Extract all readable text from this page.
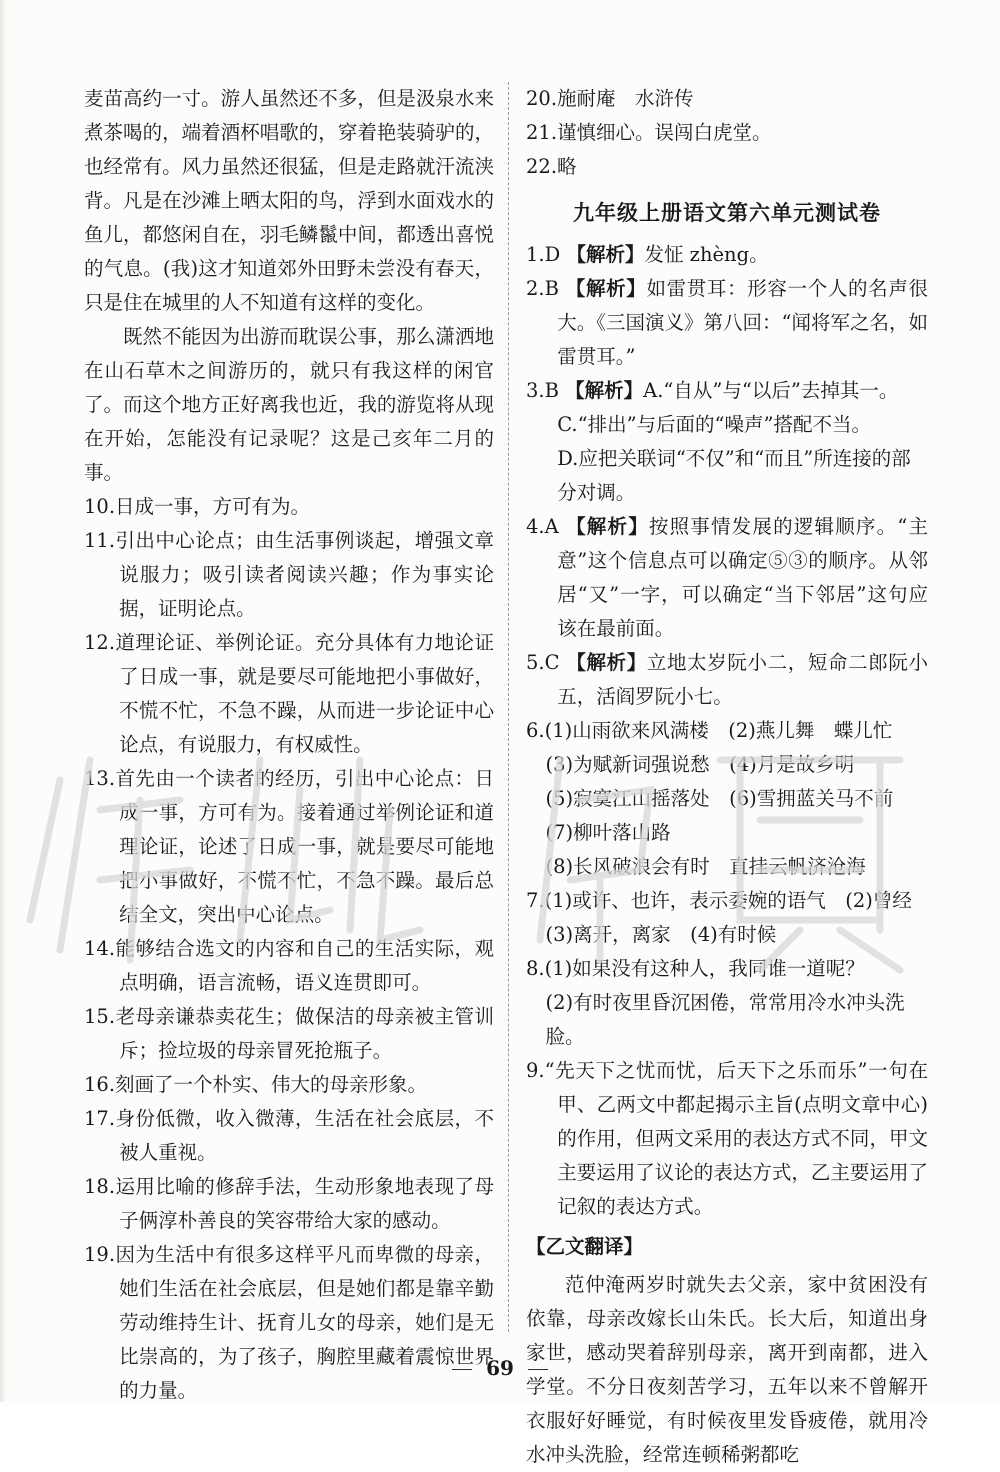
麦苗高约一寸。游人虽然还不多，但是汲泉水来煮茶喝的，端着酒杯唱歌的，穿着艳装骑驴的，也经常有。风力虽然还很猛，但是走路就汗流浃背。凡是在沙滩上晒太阳的鸟，浮到水面戏水的鱼儿，都悠闲自在，羽毛鳞鬣中间，都透出喜悦的气息。(我)这才知道郊外田野未尝没有春天，只是住在城里的人不知道有这样的变化。

既然不能因为出游而耽误公事，那么潇洒地在山石草木之间游历的，就只有我这样的闲官了。而这个地方正好离我也近，我的游览将从现在开始，怎能没有记录呢？这是己亥年二月的事。

10.日成一事，方可有为。

11.引出中心论点；由生活事例谈起，增强文章说服力；吸引读者阅读兴趣；作为事实论据，证明论点。

12.道理论证、举例论证。充分具体有力地论证了日成一事，就是要尽可能地把小事做好，不慌不忙，不急不躁，从而进一步论证中心论点，有说服力，有权威性。

13.首先由一个读者的经历，引出中心论点：日成一事，方可有为。接着通过举例论证和道理论证，论述了日成一事，就是要尽可能地把小事做好，不慌不忙，不急不躁。最后总结全文，突出中心论点。

14.能够结合选文的内容和自己的生活实际，观点明确，语言流畅，语义连贯即可。

15.老母亲谦恭卖花生；做保洁的母亲被主管训斥；捡垃圾的母亲冒死抢瓶子。

16.刻画了一个朴实、伟大的母亲形象。

17.身份低微，收入微薄，生活在社会底层，不被人重视。

18.运用比喻的修辞手法，生动形象地表现了母子俩淳朴善良的笑容带给大家的感动。

19.因为生活中有很多这样平凡而卑微的母亲，她们生活在社会底层，但是她们都是靠辛勤劳动维持生计、抚育儿女的母亲，她们是无比崇高的，为了孩子，胸腔里藏着震惊世界的力量。

20.施耐庵　水浒传

21.谨慎细心。误闯白虎堂。

22.略

九年级上册语文第六单元测试卷

1.D 【解析】发怔 zhèng。

2.B 【解析】如雷贯耳：形容一个人的名声很大。《三国演义》第八回：“闻将军之名，如雷贯耳。”

3.B 【解析】A.“自从”与“以后”去掉其一。

C.“排出”与后面的“噪声”搭配不当。

D.应把关联词“不仅”和“而且”所连接的部分对调。

4.A 【解析】按照事情发展的逻辑顺序。“主意”这个信息点可以确定⑤③的顺序。从邻居“又”一字，可以确定“当下邻居”这句应该在最前面。

5.C 【解析】立地太岁阮小二，短命二郎阮小五，活阎罗阮小七。

6.(1)山雨欲来风满楼　(2)燕儿舞　蝶儿忙

(3)为赋新词强说愁　(4)月是故乡明

(5)寂寞江山摇落处　(6)雪拥蓝关马不前

(7)柳叶落山路

(8)长风破浪会有时　直挂云帆济沧海

7.(1)或许、也许，表示委婉的语气　(2)曾经

(3)离开，离家　(4)有时候

8.(1)如果没有这种人，我同谁一道呢？

(2)有时夜里昏沉困倦，常常用冷水冲头洗脸。

9.“先天下之忧而忧，后天下之乐而乐”一句在甲、乙两文中都起揭示主旨(点明文章中心)的作用，但两文采用的表达方式不同，甲文主要运用了议论的表达方式，乙主要运用了记叙的表达方式。

【乙文翻译】

范仲淹两岁时就失去父亲，家中贫困没有依靠，母亲改嫁长山朱氏。长大后，知道出身家世，感动哭着辞别母亲，离开到南都，进入学堂。不分日夜刻苦学习，五年以来不曾解开衣服好好睡觉，有时候夜里发昏疲倦，就用冷水冲头洗脸，经常连顿稀粥都吃

69
